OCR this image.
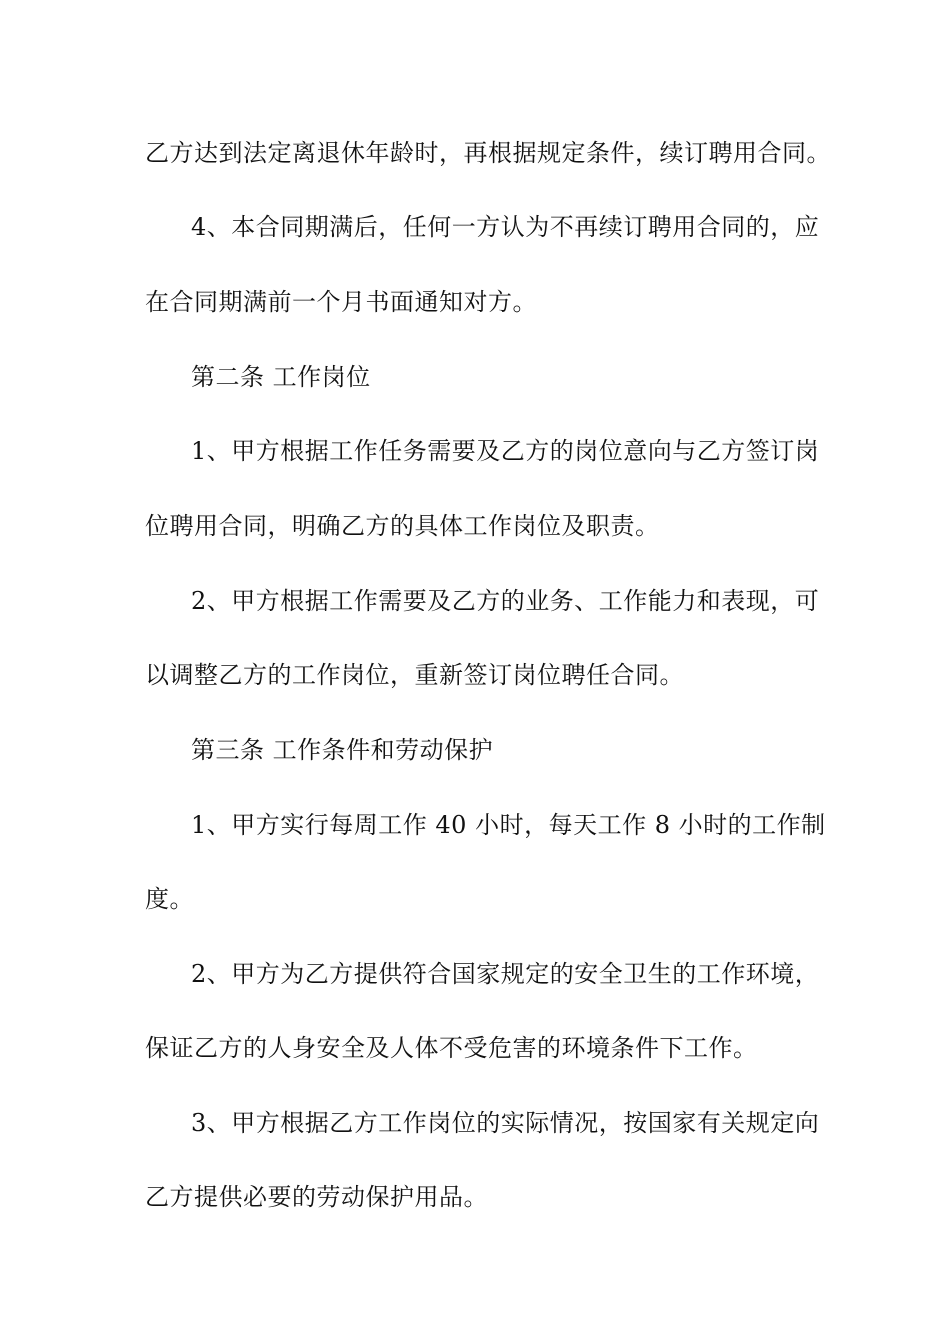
乙方达到法定离退休年龄时，再根据规定条件，续订聘用合同。
4、本合同期满后，任何一方认为不再续订聘用合同的，应
在合同期满前一个月书面通知对方。
第二条 工作岗位
1、甲方根据工作任务需要及乙方的岗位意向与乙方签订岗
位聘用合同，明确乙方的具体工作岗位及职责。
2、甲方根据工作需要及乙方的业务、工作能力和表现，可
以调整乙方的工作岗位，重新签订岗位聘任合同。
第三条 工作条件和劳动保护
1、甲方实行每周工作 40 小时，每天工作 8 小时的工作制
度。
2、甲方为乙方提供符合国家规定的安全卫生的工作环境，
保证乙方的人身安全及人体不受危害的环境条件下工作。
3、甲方根据乙方工作岗位的实际情况，按国家有关规定向
乙方提供必要的劳动保护用品。
